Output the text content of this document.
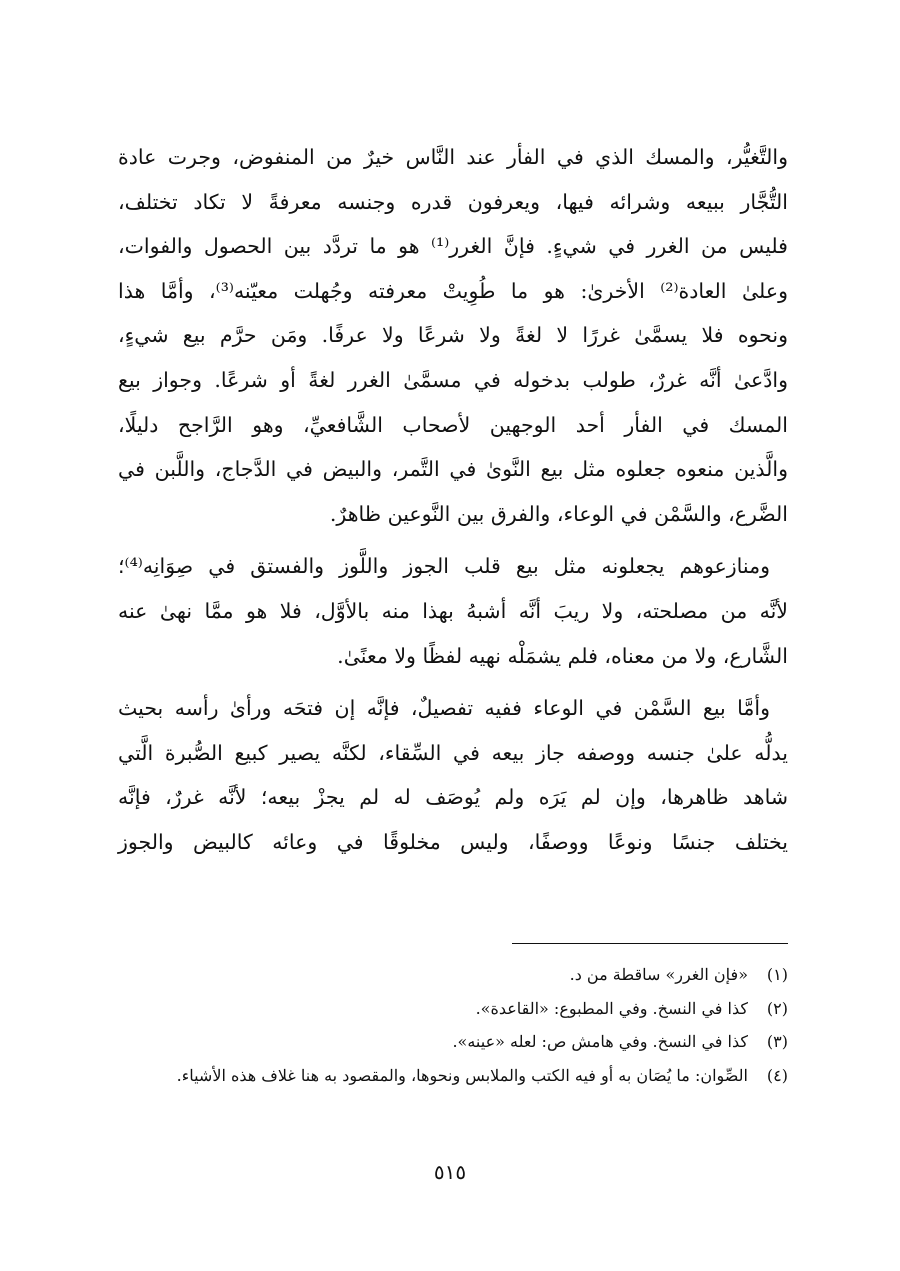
والتَّغيُّر، والمسك الذي في الفأر عند النَّاس خيرٌ من المنفوض، وجرت عادة
التُّجَّار ببيعه وشرائه فيها، ويعرفون قدره وجنسه معرفةً لا تكاد تختلف،
فليس من الغرر في شيءٍ. فإنَّ الغرر⁽¹⁾ هو ما تردَّد بين الحصول والفوات،
وعلىٰ العادة⁽²⁾ الأخرىٰ: هو ما طُوِيتْ معرفته وجُهلت معيّنه⁽³⁾، وأمَّا هذا
ونحوه فلا يسمَّىٰ غررًا لا لغةً ولا شرعًا ولا عرفًا. ومَن حرَّم بيع شيءٍ،
وادَّعىٰ أنَّه غررٌ، طولب بدخوله في مسمَّىٰ الغرر لغةً أو شرعًا. وجواز بيع
المسك في الفأر أحد الوجهين لأصحاب الشَّافعيِّ، وهو الرَّاجح دليلًا،
والَّذين منعوه جعلوه مثل بيع النَّوىٰ في التَّمر، والبيض في الدَّجاج، واللَّبن في
الضَّرع، والسَّمْن في الوعاء، والفرق بين النَّوعين ظاهرٌ.
ومنازعوهم يجعلونه مثل بيع قلب الجوز واللَّوز والفستق في صِوَانِه⁽⁴⁾؛
لأنَّه من مصلحته، ولا ريبَ أنَّه أشبهُ بهذا منه بالأوَّل، فلا هو ممَّا نهىٰ عنه
الشَّارع، ولا من معناه، فلم يشمَلْه نهيه لفظًا ولا معنًىٰ.
وأمَّا بيع السَّمْن في الوعاء ففيه تفصيلٌ، فإنَّه إن فتحَه ورأىٰ رأسه بحيث
يدلُّه علىٰ جنسه ووصفه جاز بيعه في السِّقاء، لكنَّه يصير كبيع الصُّبرة الَّتي
شاهد ظاهرها، وإن لم يَرَه ولم يُوصَف له لم يجزْ بيعه؛ لأنَّه غررٌ، فإنَّه
يختلف جنسًا ونوعًا ووصفًا، وليس مخلوقًا في وعائه كالبيض والجوز
(١)
«فإن الغرر» ساقطة من د.
(٢)
كذا في النسخ. وفي المطبوع: «القاعدة».
(٣)
كذا في النسخ. وفي هامش ص: لعله «عينه».
(٤)
الصِّوان: ما يُصَان به أو فيه الكتب والملابس ونحوها، والمقصود به هنا غلاف هذه الأشياء.
٥١٥
